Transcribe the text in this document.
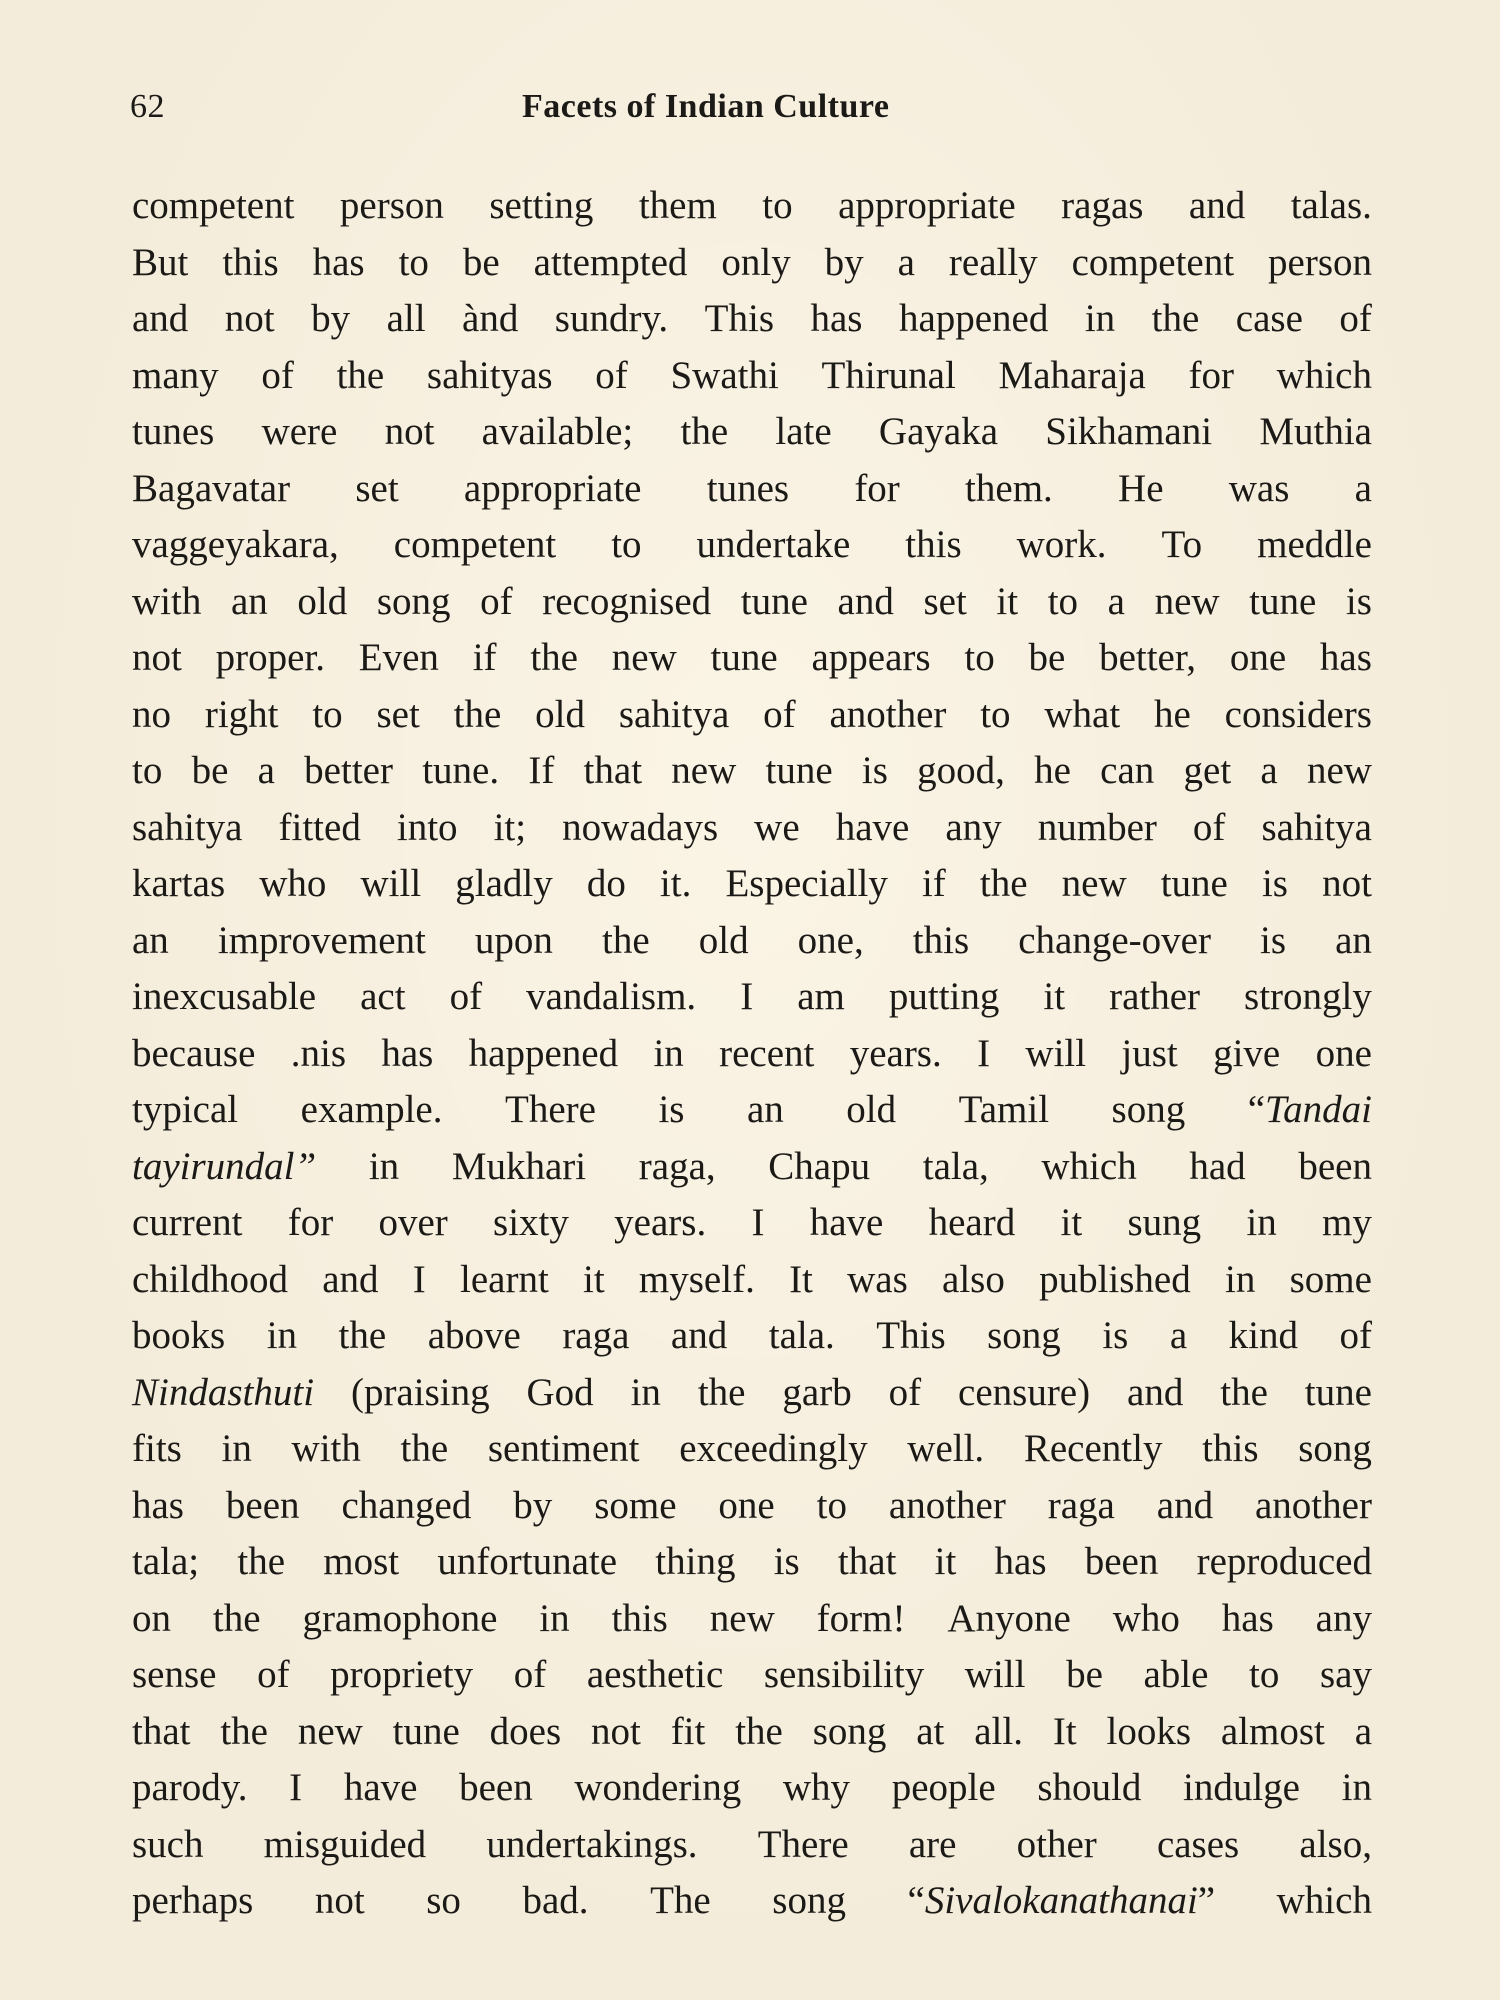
62	Facets of Indian Culture
competent person setting them to appropriate ragas and talas.
But this has to be attempted only by a really competent person
and not by all ànd sundry. This has happened in the case of
many of the sahityas of Swathi Thirunal Maharaja for which
tunes were not available; the late Gayaka Sikhamani Muthia
Bagavatar set appropriate tunes for them. He was a
vaggeyakara, competent to undertake this work. To meddle
with an old song of recognised tune and set it to a new tune is
not proper. Even if the new tune appears to be better, one has
no right to set the old sahitya of another to what he considers
to be a better tune. If that new tune is good, he can get a new
sahitya fitted into it; nowadays we have any number of sahitya
kartas who will gladly do it. Especially if the new tune is not
an improvement upon the old one, this change-over is an
inexcusable act of vandalism. I am putting it rather strongly
because .nis has happened in recent years. I will just give one
typical example. There is an old Tamil song “Tandai
tayirundal” in Mukhari raga, Chapu tala, which had been
current for over sixty years. I have heard it sung in my
childhood and I learnt it myself. It was also published in some
books in the above raga and tala. This song is a kind of
Nindasthuti (praising God in the garb of censure) and the tune
fits in with the sentiment exceedingly well. Recently this song
has been changed by some one to another raga and another
tala; the most unfortunate thing is that it has been reproduced
on the gramophone in this new form! Anyone who has any
sense of propriety of aesthetic sensibility will be able to say
that the new tune does not fit the song at all. It looks almost a
parody. I have been wondering why people should indulge in
such misguided undertakings. There are other cases also,
perhaps not so bad. The song “Sivalokanathanai” which
